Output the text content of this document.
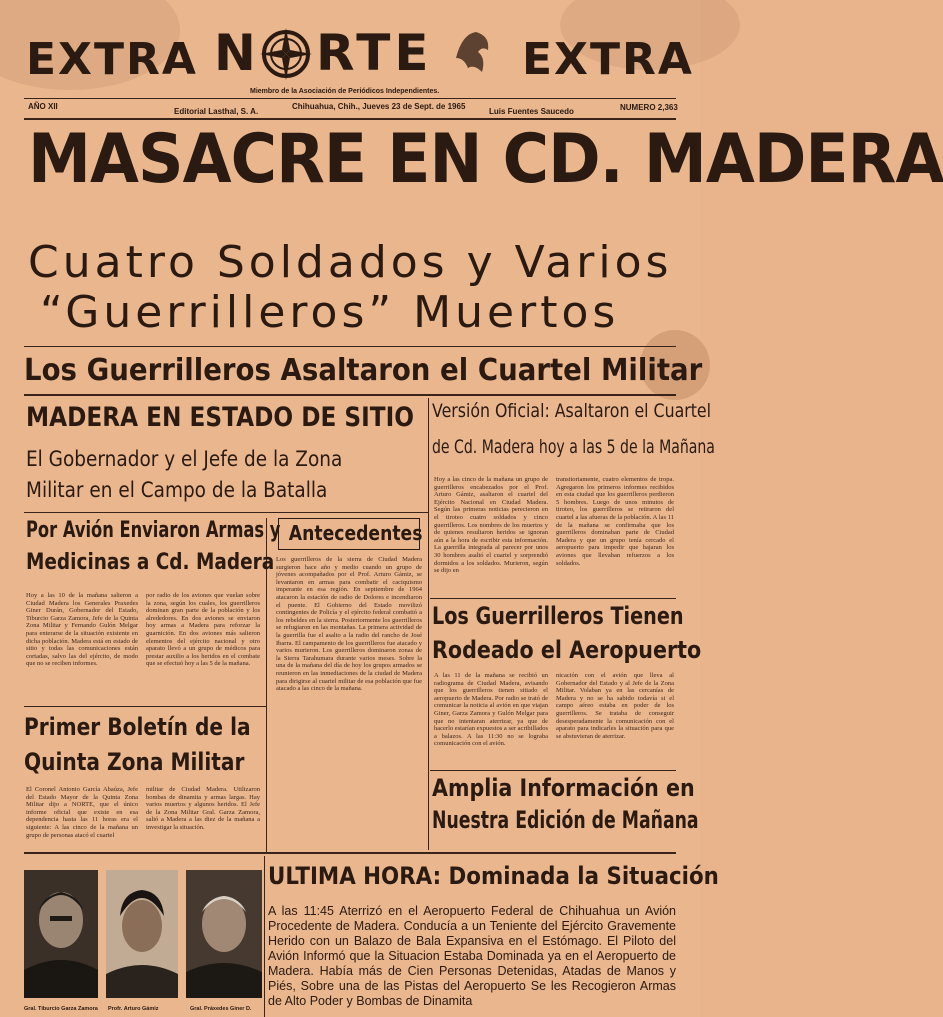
EXTRA	EXTRA
N RTE
Miembro de la Asociación de Periódicos Independientes.
AÑO XII
Editorial Lasthal, S. A.
Chihuahua, Chih., Jueves 23 de Sept. de 1965
Luis Fuentes Saucedo	NUMERO 2,363
MASACRE EN CD. MADERA
Cuatro Soldados y Varios
“Guerrilleros” Muertos
Los Guerrilleros Asaltaron el Cuartel Militar
MADERA EN ESTADO DE SITIO
El Gobernador y el Jefe de la Zona
Militar en el Campo de la Batalla
Por Avión Enviaron Armas y
Medicinas a Cd. Madera
Hoy a las 10 de la mañana salieron a Ciudad Madera los Generales Praxedes Giner Durán, Gobernador del Estado, Tiburcio Garza Zamora, Jefe de la Quinta Zona Militar y Fernando Gulón Melgar para enterarse de la situación existente en dicha población. Madera está en estado de sitio y todas las comunicaciones están cortadas, salvo las del ejército, de modo que no se reciben informes.
por radio de los aviones que vuelan sobre la zona, según los cuales, los guerrilleros dominan gran parte de la población y los alrededores. En dos aviones se enviaron hoy armas a Madera para reforzar la guarnición. En dos aviones más salieron elementos del ejército nacional y otro aparato llevó a un grupo de médicos para prestar auxilio a los heridos en el combate que se efectuó hoy a las 5 de la mañana.
Primer Boletín de la
Quinta Zona Militar
El Coronel Antonio García Abaúza, Jefe del Estado Mayor de la Quinta Zona Militar dijo a NORTE, que el único informe oficial que existe en esa dependencia hasta las 11 horas era el siguiente: A las cinco de la mañana un grupo de personas atacó el cuartel
militar de Ciudad Madera. Utilizaron bombas de dinamita y armas largas. Hay varios muertos y algunos heridos. El Jefe de la Zona Militar Gral. Garza Zamora, salió a Madera a las diez de la mañana a investigar la situación.
Antecedentes
Los guerrilleros de la sierra de Ciudad Madera surgieron hace año y medio cuando un grupo de jóvenes acompañados por el Prof. Arturo Gámiz, se levantaron en armas para combatir el caciquismo imperante en esa región. En septiembre de 1964 atacaron la estación de radio de Dolores e incendiaron el puente. El Gobierno del Estado movilizó contingentes de Policía y el ejército federal combatió a los rebeldes en la sierra. Posteriormente los guerrilleros se refugiaron en las montañas. La primera actividad de la guerrilla fue el asalto a la radio del rancho de José Ibarra. El campamento de los guerrilleros fue atacado y varios murieron. Los guerrilleros dominaron zonas de la Sierra Tarahumara durante varios meses. Sobre la una de la mañana del día de hoy los grupos armados se reunieron en las inmediaciones de la ciudad de Madera para dirigirse al cuartel militar de esa población que fue atacado a las cinco de la mañana.
Versión Oficial: Asaltaron el Cuartel
de Cd. Madera hoy a las 5 de la Mañana
Hoy a las cinco de la mañana un grupo de guerrilleros encabezados por el Prof. Arturo Gámiz, asaltaron el cuartel del Ejército Nacional en Ciudad Madera. Según las primeras noticias perecieron en el tiroteo cuatro soldados y cinco guerrilleros. Los nombres de los muertos y de quienes resultaron heridos se ignoran aún a la hora de escribir esta información. La guerrilla integrada al parecer por unos 30 hombres asaltó el cuartel y sorprendió dormidos a los soldados. Murieron, según se dijo en
transitoriamente, cuatro elementos de tropa. Agregaron los primeros informes recibidos en esta ciudad que los guerrilleros perdieron 5 hombres. Luego de unos minutos de tiroteo, los guerrilleros se retiraron del cuartel a las afueras de la población. A las 11 de la mañana se confirmaba que los guerrilleros dominaban parte de Ciudad Madera y que un grupo tenía cercado el aeropuerto para impedir que bajaran los aviones que llevaban refuerzos a los soldados.
Los Guerrilleros Tienen
Rodeado el Aeropuerto
A las 11 de la mañana se recibió un radiograma de Ciudad Madera, avisando que los guerrilleros tienen sitiado el aeropuerto de Madera. Por radio se trató de comunicar la noticia al avión en que viajan Giner, Garza Zamora y Gulón Melgar para que no intentaran aterrizar, ya que de hacerlo estarían expuestos a ser acribillados a balazos. A las 11:30 no se lograba comunicación con el avión.
nicación con el avión que lleva al Gobernador del Estado y al Jefe de la Zona Militar. Volaban ya en las cercanías de Madera y no se ha sabido todavía si el campo aéreo estaba en poder de los guerrilleros. Se trataba de conseguir desesperadamente la comunicación con el aparato para indicarles la situación para que se abstuvieran de aterrizar.
Amplia Información en
Nuestra Edición de Mañana
Gral. Tiburcio Garza Zamora Profr. Arturo Gámiz	Gral. Práxedes Giner D.
ULTIMA HORA: Dominada la Situación
A las 11:45 Aterrizó en el Aeropuerto Federal de Chihuahua un Avión Procedente de Madera. Conducía a un Teniente del Ejército Gravemente Herido con un Balazo de Bala Expansiva en el Estómago. El Piloto del Avión Informó que la Situacion Estaba Dominada ya en el Aeropuerto de Madera. Había más de Cien Personas Detenidas, Atadas de Manos y Piés, Sobre una de las Pistas del Aeropuerto Se les Recogieron Armas de Alto Poder y Bombas de Dinamita
